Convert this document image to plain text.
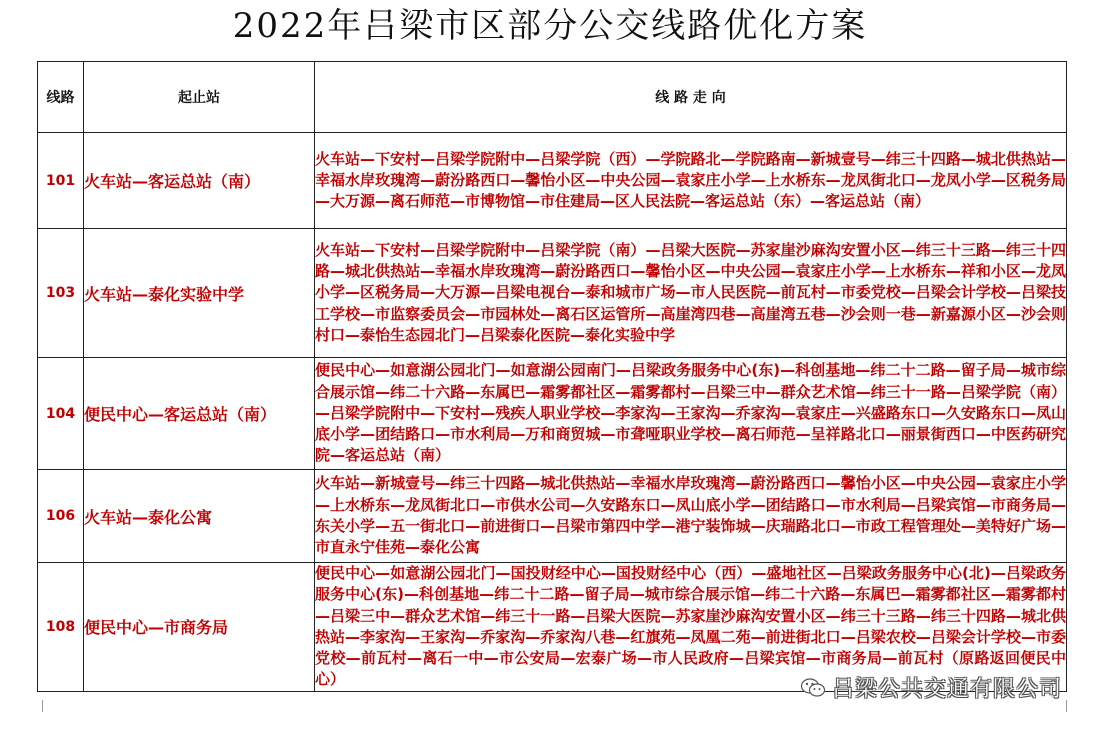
2022年吕梁市区部分公交线路优化方案
线路	起止站	线 路 走 向
101	火车站—客运总站（南）	火车站—下安村—吕梁学院附中—吕梁学院（西）—学院路北—学院路南—新城壹号—纬三十四路—城北供热站—幸福水岸玫瑰湾—蔚汾路西口—馨怡小区—中央公园—袁家庄小学—上水桥东—龙凤街北口—龙凤小学—区税务局—大万源—离石师范—市博物馆—市住建局—区人民法院—客运总站（东）—客运总站（南）
103	火车站—泰化实验中学	火车站—下安村—吕梁学院附中—吕梁学院（南）—吕梁大医院—苏家崖沙麻沟安置小区—纬三十三路—纬三十四路—城北供热站—幸福水岸玫瑰湾—蔚汾路西口—馨怡小区—中央公园—袁家庄小学—上水桥东—祥和小区—龙凤小学—区税务局—大万源—吕梁电视台—泰和城市广场—市人民医院—前瓦村—市委党校—吕梁会计学校—吕梁技工学校—市监察委员会—市园林处—离石区运管所—高崖湾四巷—高崖湾五巷—沙会则一巷—新嘉源小区—沙会则村口—泰怡生态园北门—吕梁泰化医院—泰化实验中学
104	便民中心—客运总站（南）	便民中心—如意湖公园北门—如意湖公园南门—吕梁政务服务中心(东)—科创基地—纬二十二路—留子局—城市综合展示馆—纬二十六路—东属巴—霜雾都社区—霜雾都村—吕梁三中—群众艺术馆—纬三十一路—吕梁学院（南）—吕梁学院附中—下安村—残疾人职业学校—李家沟—王家沟—乔家沟—袁家庄—兴盛路东口—久安路东口—凤山底小学—团结路口—市水利局—万和商贸城—市聋哑职业学校—离石师范—呈祥路北口—丽景街西口—中医药研究院—客运总站（南）
106	火车站—泰化公寓	火车站—新城壹号—纬三十四路—城北供热站—幸福水岸玫瑰湾—蔚汾路西口—馨怡小区—中央公园—袁家庄小学—上水桥东—龙凤街北口—市供水公司—久安路东口—凤山底小学—团结路口—市水利局—吕梁宾馆—市商务局—东关小学—五一街北口—前进街口—吕梁市第四中学—港宁装饰城—庆瑞路北口—市政工程管理处—美特好广场—市直永宁佳苑—泰化公寓
108	便民中心—市商务局	便民中心—如意湖公园北门—国投财经中心—国投财经中心（西）—盛地社区—吕梁政务服务中心(北)—吕梁政务服务中心(东)—科创基地—纬二十二路—留子局—城市综合展示馆—纬二十六路—东属巴—霜雾都社区—霜雾都村—吕梁三中—群众艺术馆—纬三十一路—吕梁大医院—苏家崖沙麻沟安置小区—纬三十三路—纬三十四路—城北供热站—李家沟—王家沟—乔家沟—乔家沟八巷—红旗苑—凤凰二苑—前进街北口—吕梁农校—吕梁会计学校—市委党校—前瓦村—离石一中—市公安局—宏泰广场—市人民政府—吕梁宾馆—市商务局—前瓦村（原路返回便民中心）	吕梁公共交通有限公司
